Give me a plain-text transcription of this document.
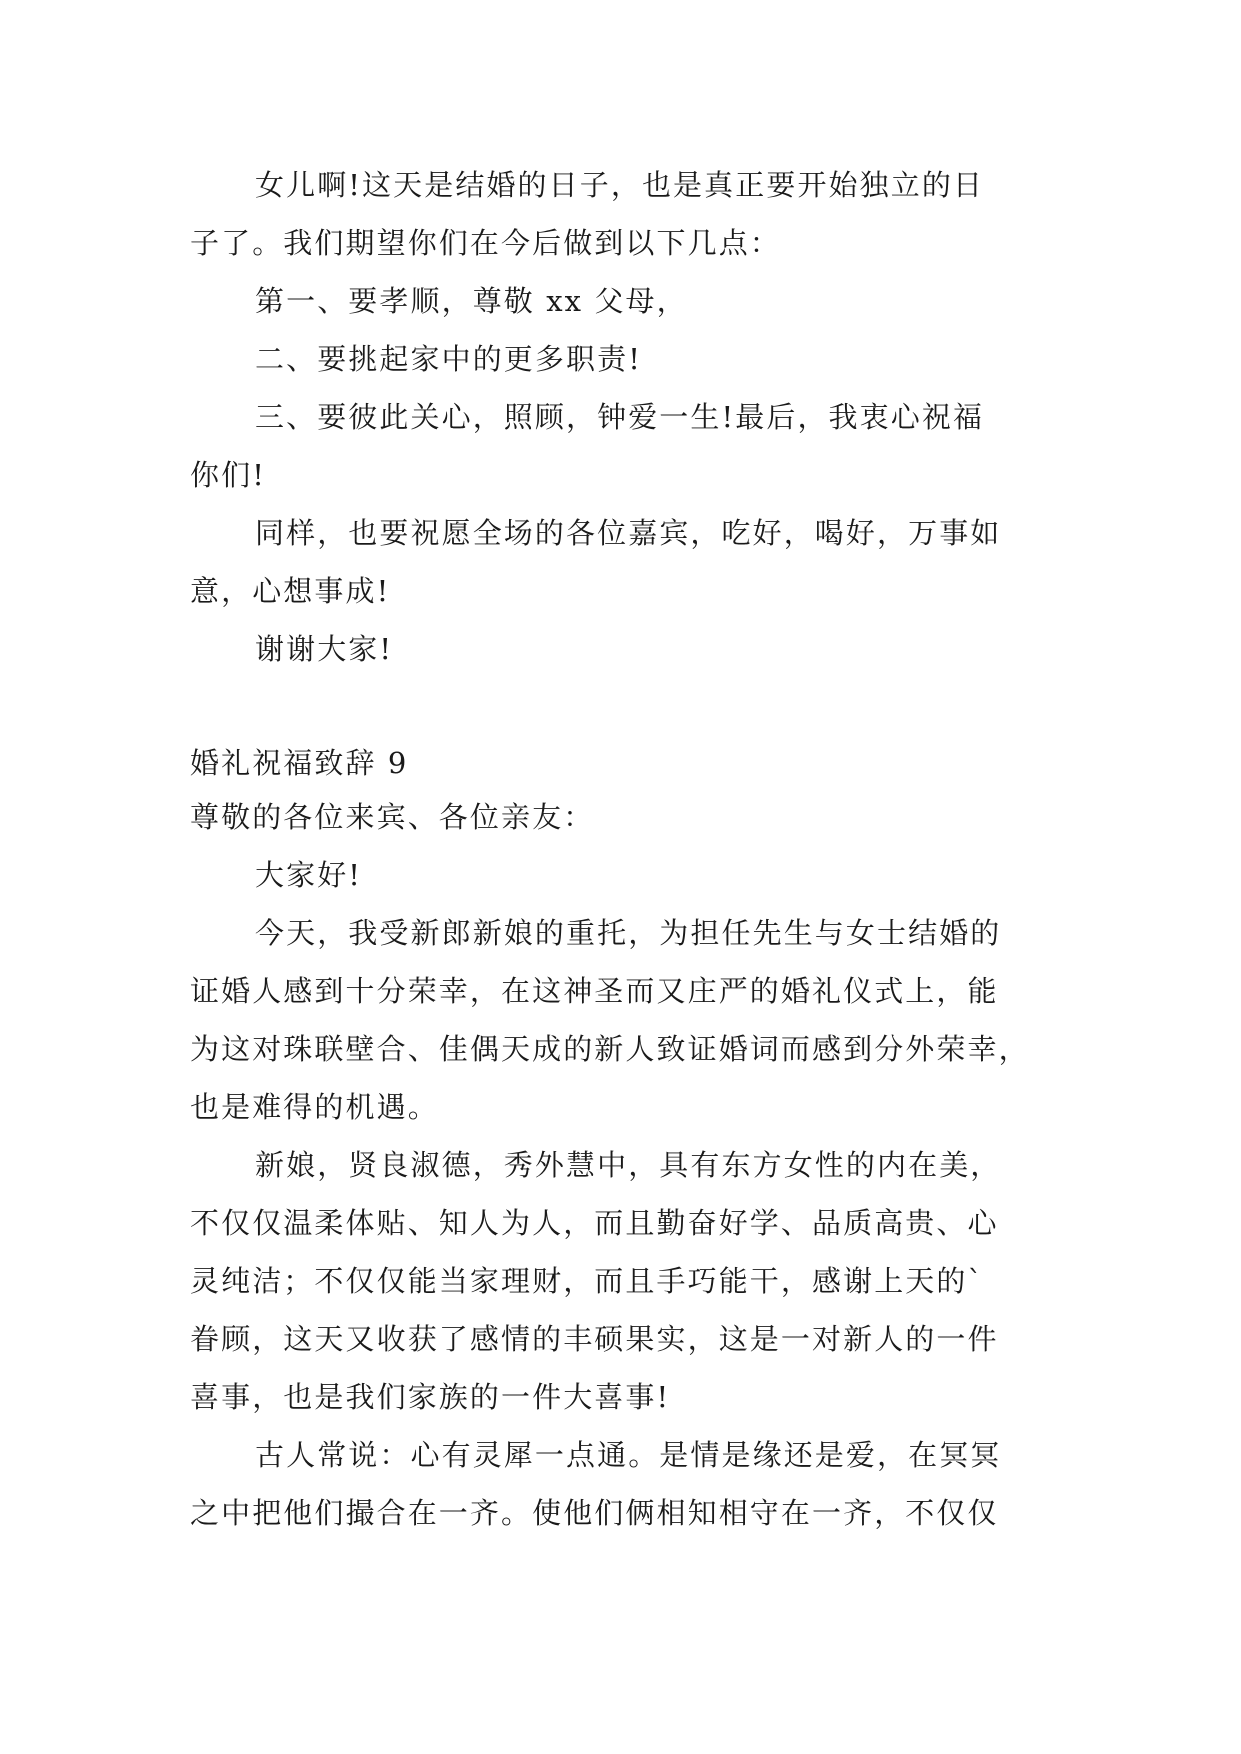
女儿啊!这天是结婚的日子，也是真正要开始独立的日
子了。我们期望你们在今后做到以下几点：
第一、要孝顺，尊敬 xx 父母，
二、要挑起家中的更多职责!
三、要彼此关心，照顾，钟爱一生!最后，我衷心祝福
你们!
同样，也要祝愿全场的各位嘉宾，吃好，喝好，万事如
意，心想事成!
谢谢大家!
婚礼祝福致辞 9
尊敬的各位来宾、各位亲友：
大家好!
今天，我受新郎新娘的重托，为担任先生与女士结婚的
证婚人感到十分荣幸，在这神圣而又庄严的婚礼仪式上，能
为这对珠联壁合、佳偶天成的新人致证婚词而感到分外荣幸，
也是难得的机遇。
新娘，贤良淑德，秀外慧中，具有东方女性的内在美，
不仅仅温柔体贴、知人为人，而且勤奋好学、品质高贵、心
灵纯洁；不仅仅能当家理财，而且手巧能干，感谢上天的`
眷顾，这天又收获了感情的丰硕果实，这是一对新人的一件
喜事，也是我们家族的一件大喜事!
古人常说：心有灵犀一点通。是情是缘还是爱，在冥冥
之中把他们撮合在一齐。使他们俩相知相守在一齐，不仅仅
